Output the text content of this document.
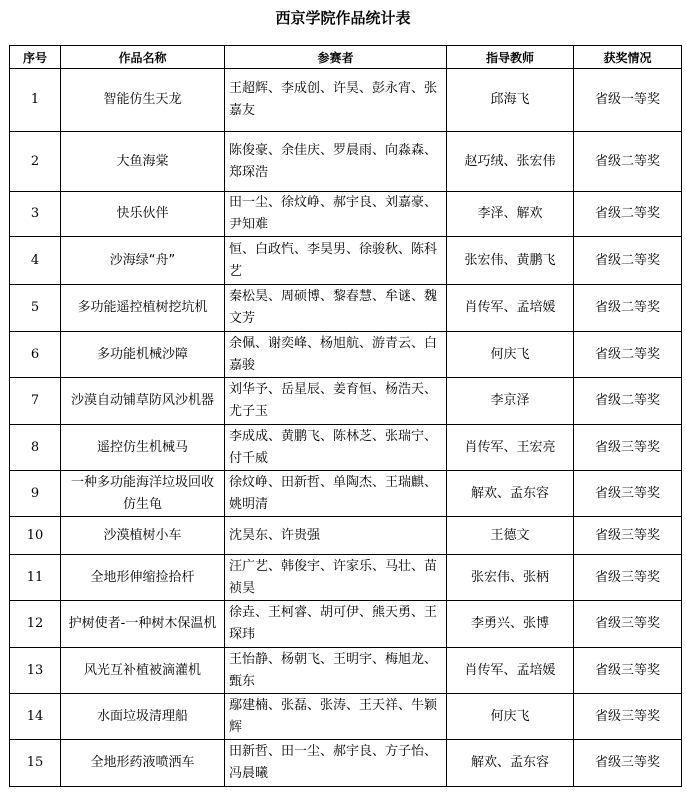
西京学院作品统计表
序号	作品名称	参赛者	指导教师	获奖情况
1	智能仿生天龙	王超辉、李成创、许昊、彭永宵、张嘉友	邱海飞	省级一等奖
2	大鱼海棠	陈俊豪、余佳庆、罗晨雨、向淼森、郑琛浩	赵巧绒、张宏伟	省级二等奖
3	快乐伙伴	田一尘、徐炆峥、郝宇良、刘嘉豪、尹知难	李泽、解欢	省级二等奖
4	沙海绿“舟”	恒、白政忾、李昊男、徐骏秋、陈科艺	张宏伟、黄鹏飞	省级二等奖
5	多功能遥控植树挖坑机	秦松昊、周硕博、黎春慧、牟谜、魏文芳	肖传军、孟培媛	省级二等奖
6	多功能机械沙障	余佩、谢奕峰、杨旭航、游青云、白嘉骏	何庆飞	省级二等奖
7	沙漠自动铺草防风沙机器	刘华予、岳星辰、姜育恒、杨浩天、尤子玉	李京泽	省级二等奖
8	遥控仿生机械马	李成成、黄鹏飞、陈林芝、张瑞宁、付千威	肖传军、王宏亮	省级三等奖
9	一种多功能海洋垃圾回收仿生龟	徐炆峥、田新哲、单陶杰、王瑞麒、姚明清	解欢、孟东容	省级三等奖
10	沙漠植树小车	沈昊东、许贵强	王德文	省级三等奖
11	全地形伸缩捡拾杆	汪广艺、韩俊宇、许家乐、马壮、苗祯昊	张宏伟、张柄	省级三等奖
12	护树使者-一种树木保温机	徐垚、王柯睿、胡可伊、熊天勇、王琛玮	李勇兴、张博	省级三等奖
13	风光互补植被滴灌机	王怡静、杨朝飞、王明宇、梅旭龙、甄东	肖传军、孟培媛	省级三等奖
14	水面垃圾清理船	鄢建楠、张磊、张涛、王天祥、牛颖辉	何庆飞	省级三等奖
15	全地形药液喷洒车	田新哲、田一尘、郝宇良、方子怡、冯晨曦	解欢、孟东容	省级三等奖
